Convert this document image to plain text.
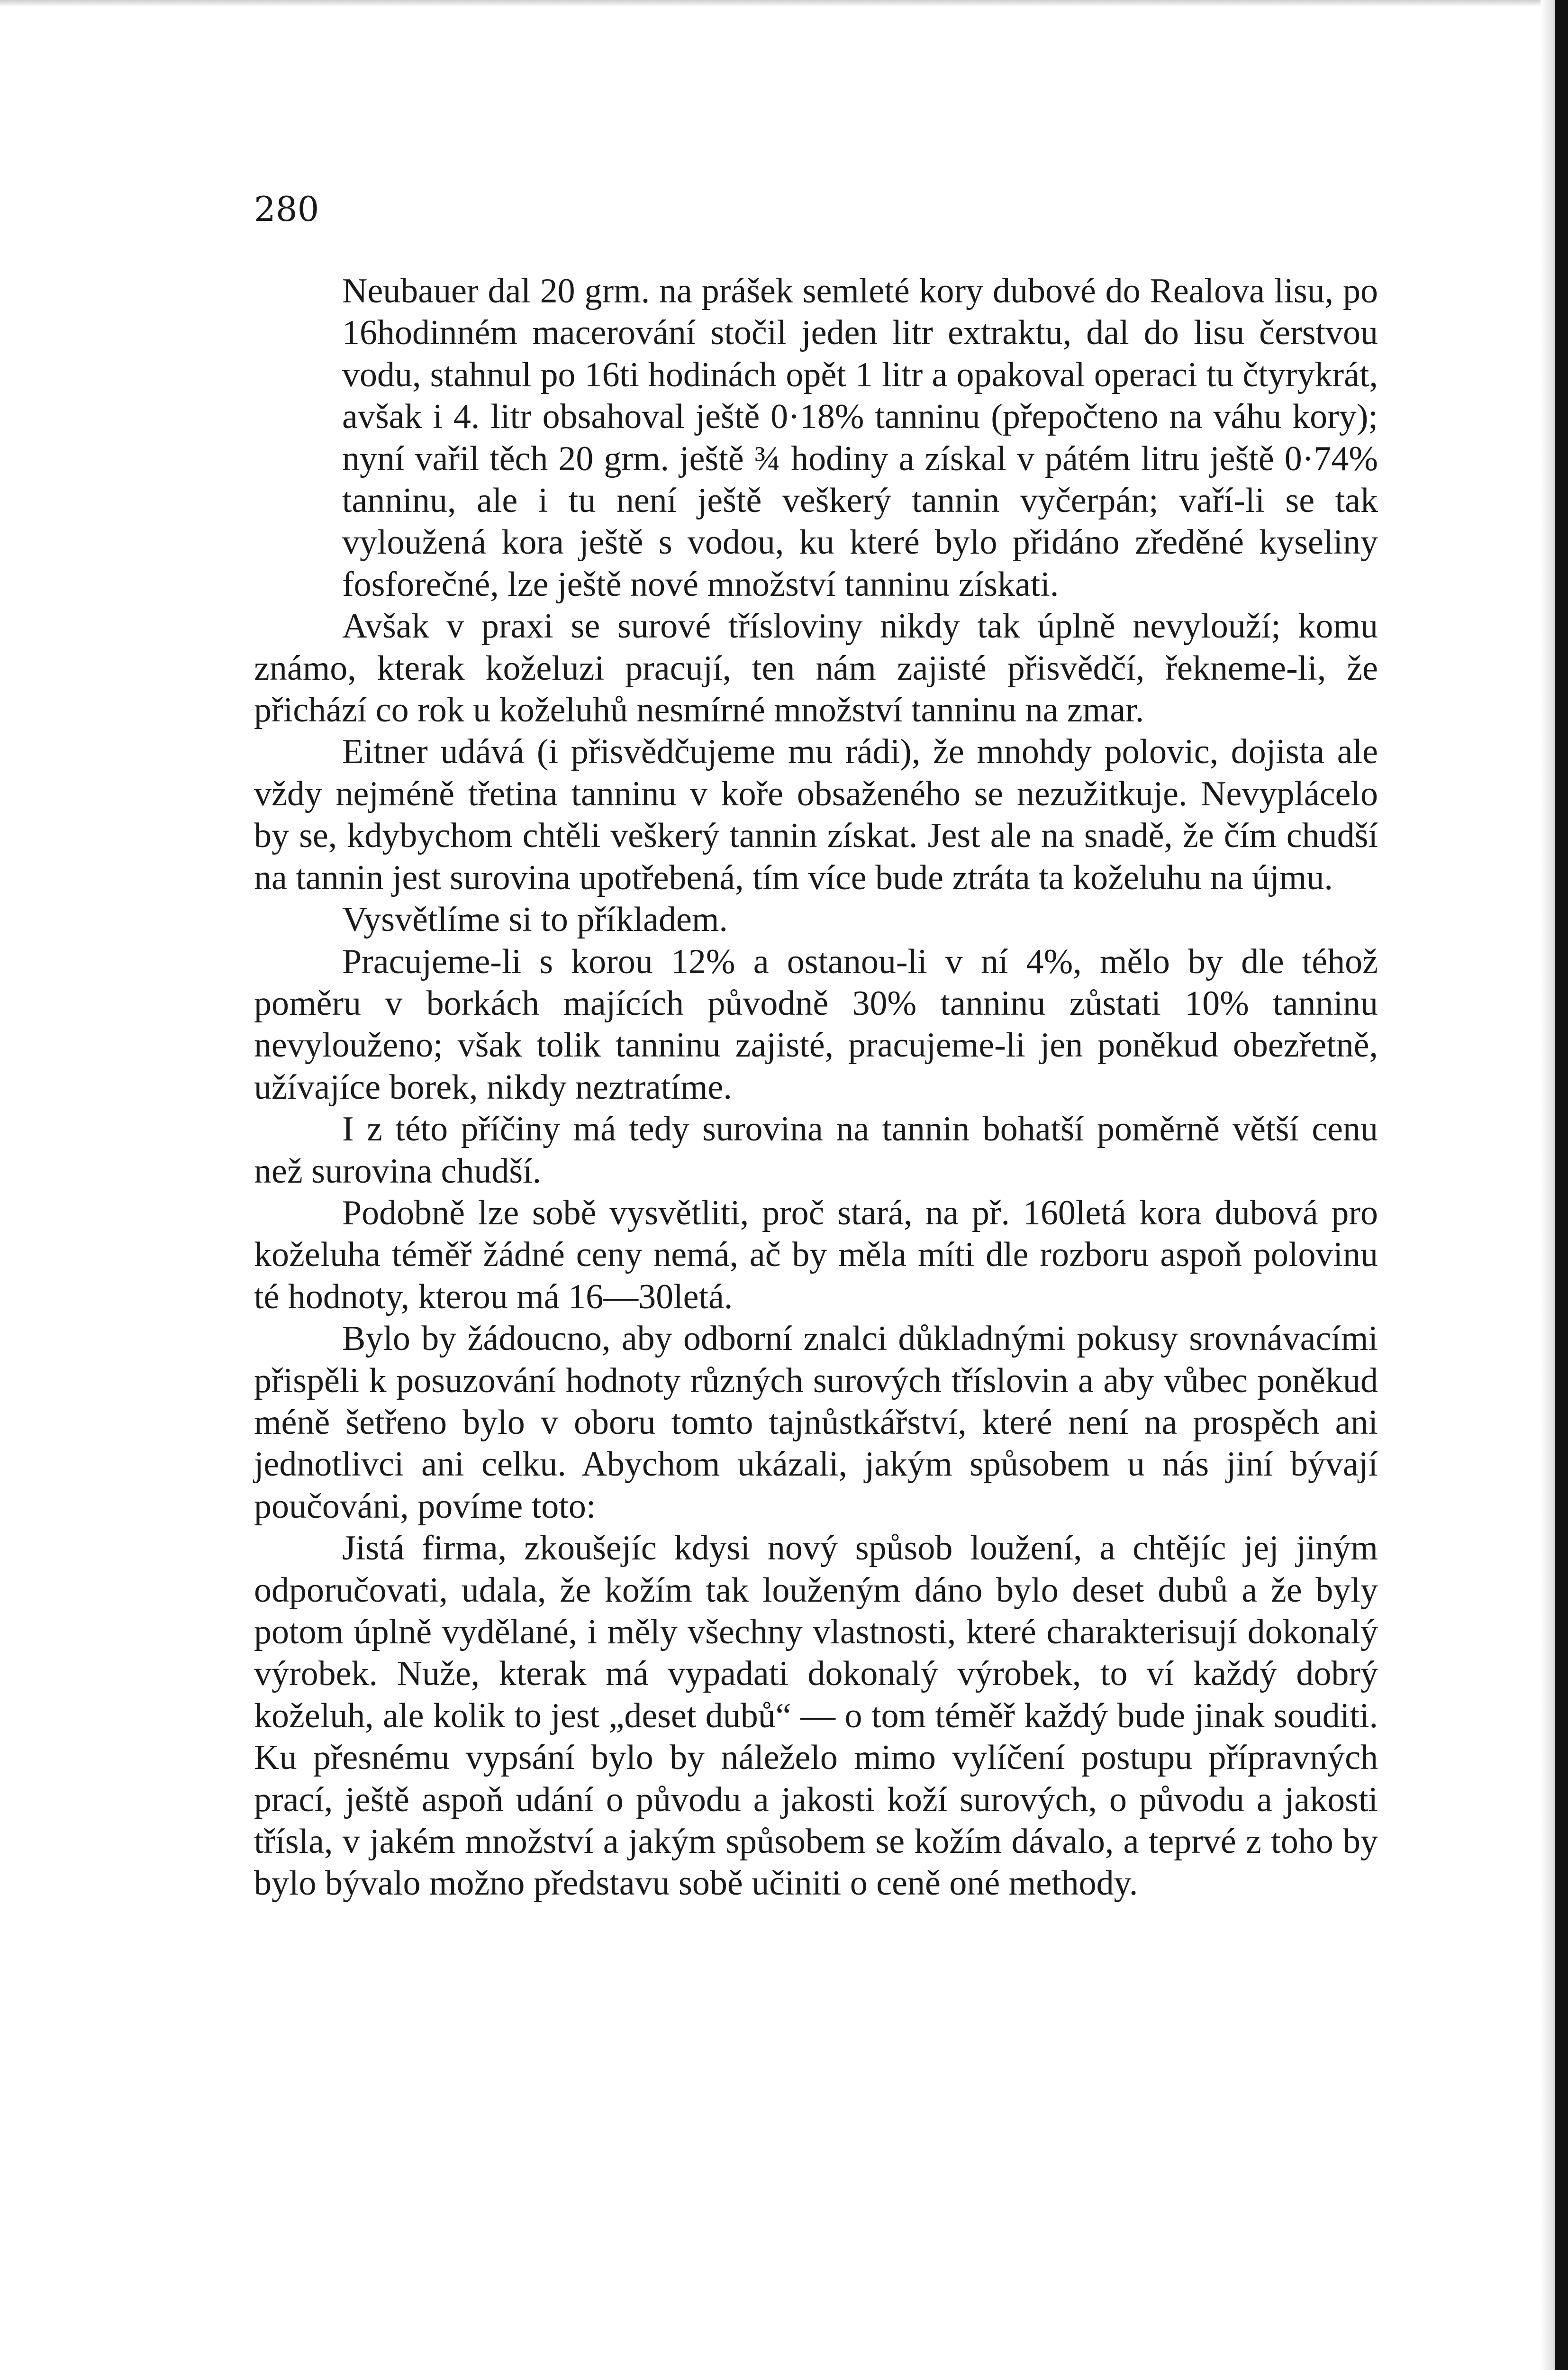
280

Neubauer dal 20 grm. na prášek semleté kory dubové do Realova lisu, po 16hodinném macerování stočil jeden litr extraktu, dal do lisu čerstvou vodu, stahnul po 16ti hodinách opět 1 litr a opakoval operaci tu čtyrykrát, avšak i 4. litr obsahoval ještě 0·18% tanninu (přepočteno na váhu kory); nyní vařil těch 20 grm. ještě ¾ hodiny a získal v pátém litru ještě 0·74% tanninu, ale i tu není ještě veškerý tannin vyčerpán; vaří-li se tak vyloužená kora ještě s vodou, ku které bylo přidáno zředěné kyseliny fosforečné, lze ještě nové množství tanninu získati.

Avšak v praxi se surové třísloviny nikdy tak úplně nevylouží; komu známo, kterak koželuzi pracují, ten nám zajisté přisvědčí, řekneme-li, že přichází co rok u koželuhů nesmírné množství tanninu na zmar.

Eitner udává (i přisvědčujeme mu rádi), že mnohdy polovic, dojista ale vždy nejméně třetina tanninu v koře obsaženého se nezužitkuje. Nevyplácelo by se, kdybychom chtěli veškerý tannin získat. Jest ale na snadě, že čím chudší na tannin jest surovina upotřebená, tím více bude ztráta ta koželuhu na újmu.

Vysvětlíme si to příkladem.

Pracujeme-li s korou 12% a ostanou-li v ní 4%, mělo by dle téhož poměru v borkách majících původně 30% tanninu zůstati 10% tanninu nevylouženo; však tolik tanninu zajisté, pracujeme-li jen poněkud obezřetně, užívajíce borek, nikdy neztratíme.

I z této příčiny má tedy surovina na tannin bohatší poměrně větší cenu než surovina chudší.

Podobně lze sobě vysvětliti, proč stará, na př. 160letá kora dubová pro koželuha téměř žádné ceny nemá, ač by měla míti dle rozboru aspoň polovinu té hodnoty, kterou má 16—30letá.

Bylo by žádoucno, aby odborní znalci důkladnými pokusy srovnávacími přispěli k posuzování hodnoty různých surových tříslovin a aby vůbec poněkud méně šetřeno bylo v oboru tomto tajnůstkářství, které není na prospěch ani jednotlivci ani celku. Abychom ukázali, jakým spůsobem u nás jiní bývají poučováni, povíme toto:

Jistá firma, zkoušejíc kdysi nový spůsob loužení, a chtějíc jej jiným odporučovati, udala, že kožím tak louženým dáno bylo deset dubů a že byly potom úplně vydělané, i měly všechny vlastnosti, které charakterisují dokonalý výrobek. Nuže, kterak má vypadati dokonalý výrobek, to ví každý dobrý koželuh, ale kolik to jest „deset dubů“ — o tom téměř každý bude jinak souditi. Ku přesnému vypsání bylo by náleželo mimo vylíčení postupu přípravných prací, ještě aspoň udání o původu a jakosti koží surových, o původu a jakosti třísla, v jakém množství a jakým spůsobem se kožím dávalo, a teprvé z toho by bylo bývalo možno představu sobě učiniti o ceně oné methody.
